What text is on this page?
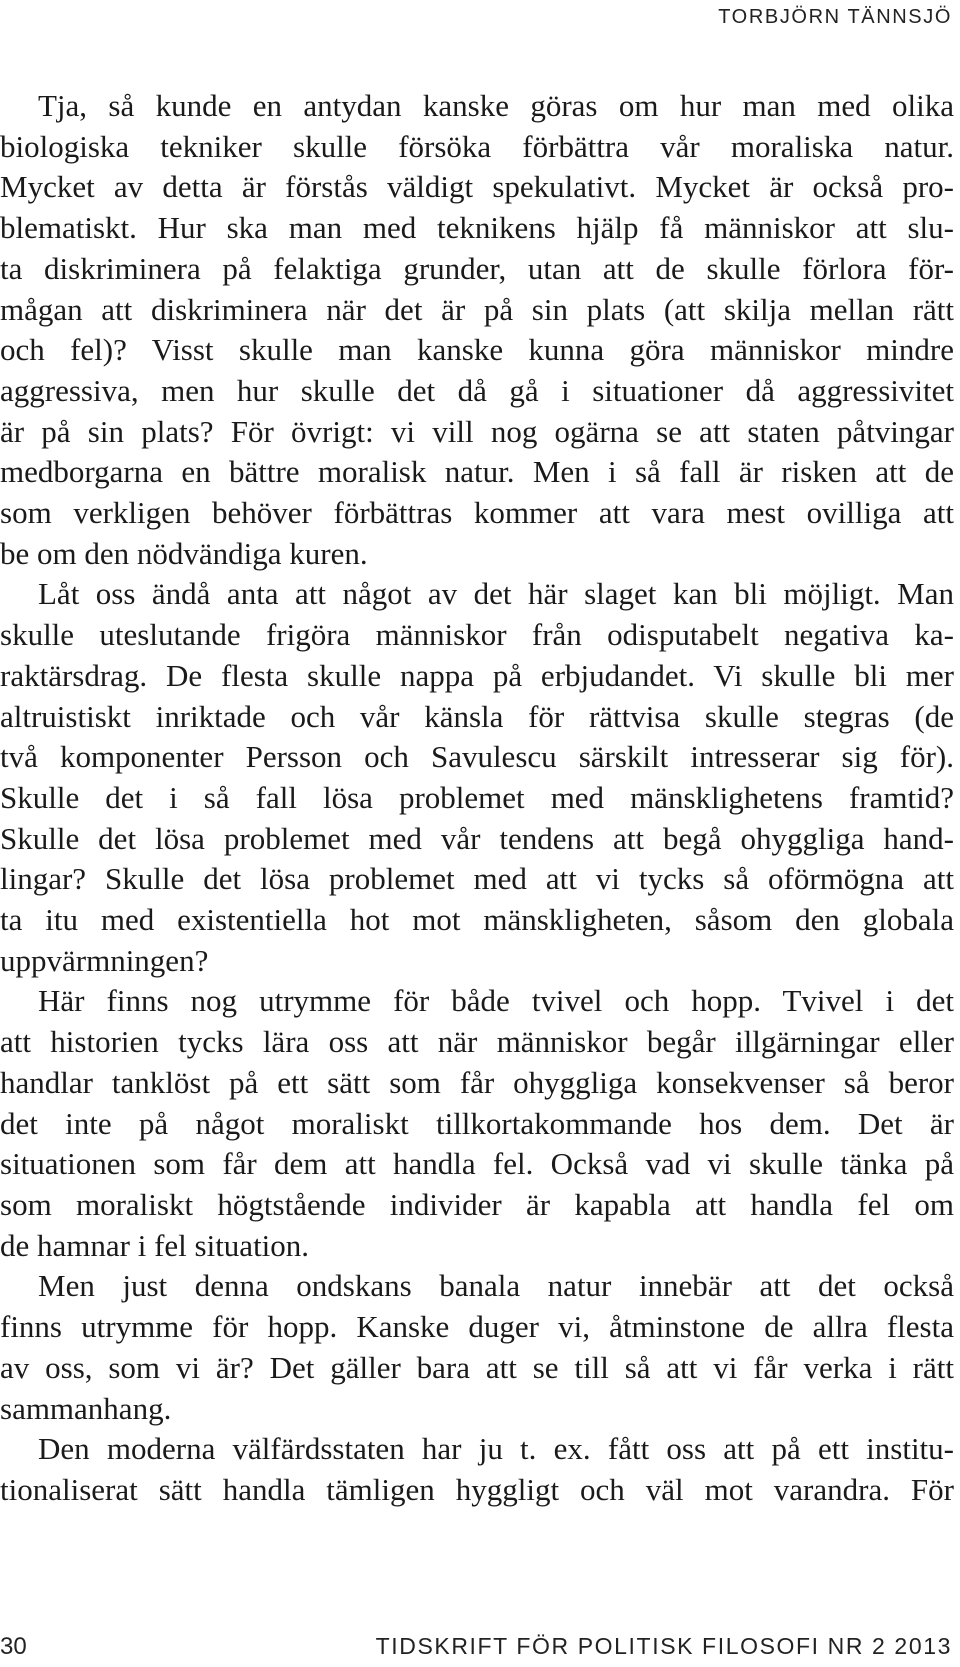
TORBJÖRN TÄNNSJÖ

Tja, så kunde en antydan kanske göras om hur man med olika
biologiska tekniker skulle försöka förbättra vår moraliska natur.
Mycket av detta är förstås väldigt spekulativt. Mycket är också pro-
blematiskt. Hur ska man med teknikens hjälp få människor att slu-
ta diskriminera på felaktiga grunder, utan att de skulle förlora för-
mågan att diskriminera när det är på sin plats (att skilja mellan rätt
och fel)? Visst skulle man kanske kunna göra människor mindre
aggressiva, men hur skulle det då gå i situationer då aggressivitet
är på sin plats? För övrigt: vi vill nog ogärna se att staten påtvingar
medborgarna en bättre moralisk natur. Men i så fall är risken att de
som verkligen behöver förbättras kommer att vara mest ovilliga att
be om den nödvändiga kuren.

Låt oss ändå anta att något av det här slaget kan bli möjligt. Man
skulle uteslutande frigöra människor från odisputabelt negativa ka-
raktärsdrag. De flesta skulle nappa på erbjudandet. Vi skulle bli mer
altruistiskt inriktade och vår känsla för rättvisa skulle stegras (de
två komponenter Persson och Savulescu särskilt intresserar sig för).
Skulle det i så fall lösa problemet med mänsklighetens framtid?
Skulle det lösa problemet med vår tendens att begå ohyggliga hand-
lingar? Skulle det lösa problemet med att vi tycks så oförmögna att
ta itu med existentiella hot mot mänskligheten, såsom den globala
uppvärmningen?

Här finns nog utrymme för både tvivel och hopp. Tvivel i det
att historien tycks lära oss att när människor begår illgärningar eller
handlar tanklöst på ett sätt som får ohyggliga konsekvenser så beror
det inte på något moraliskt tillkortakommande hos dem. Det är
situationen som får dem att handla fel. Också vad vi skulle tänka på
som moraliskt högtstående individer är kapabla att handla fel om
de hamnar i fel situation.

Men just denna ondskans banala natur innebär att det också
finns utrymme för hopp. Kanske duger vi, åtminstone de allra flesta
av oss, som vi är? Det gäller bara att se till så att vi får verka i rätt
sammanhang.

Den moderna välfärdsstaten har ju t. ex. fått oss att på ett institu-
tionaliserat sätt handla tämligen hyggligt och väl mot varandra. För

30	TIDSKRIFT FÖR POLITISK FILOSOFI NR 2 2013
